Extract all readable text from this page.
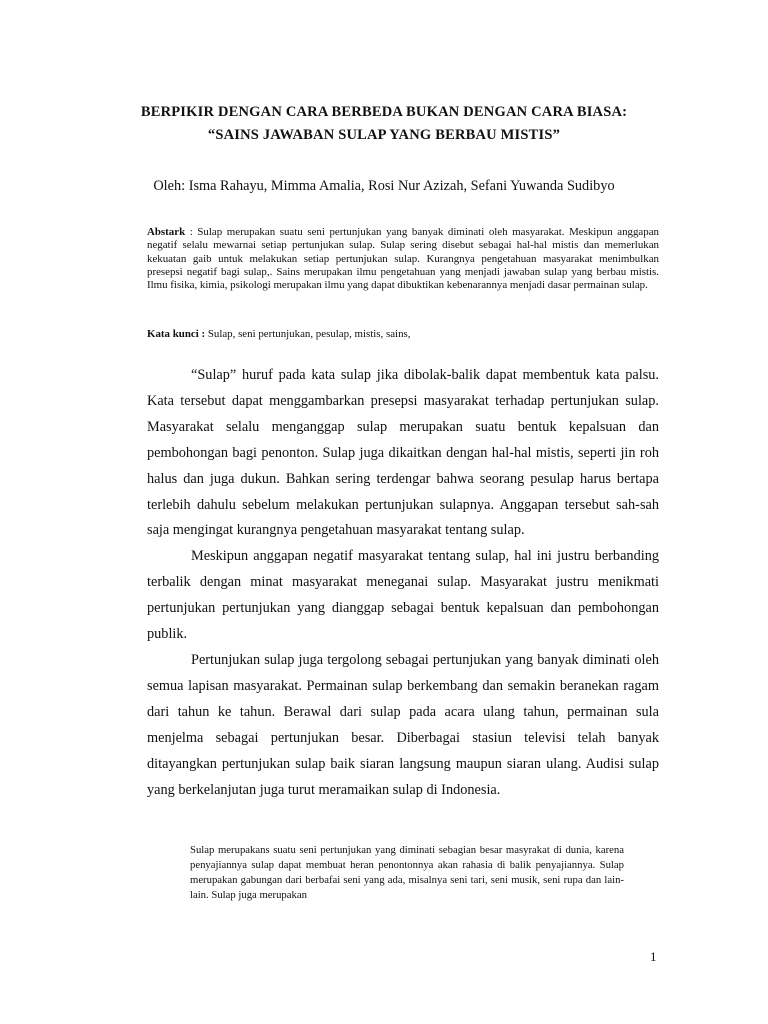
BERPIKIR DENGAN CARA BERBEDA BUKAN DENGAN CARA BIASA:
“SAINS JAWABAN SULAP YANG BERBAU MISTIS”
Oleh: Isma Rahayu, Mimma Amalia, Rosi Nur Azizah, Sefani Yuwanda Sudibyo
Abstark : Sulap merupakan suatu seni pertunjukan yang banyak diminati oleh masyarakat. Meskipun anggapan negatif selalu mewarnai setiap pertunjukan sulap. Sulap sering disebut sebagai hal-hal mistis dan memerlukan kekuatan gaib untuk melakukan setiap pertunjukan sulap. Kurangnya pengetahuan masyarakat menimbulkan presepsi negatif bagi sulap,. Sains merupakan ilmu pengetahuan yang menjadi jawaban sulap yang berbau mistis. Ilmu fisika, kimia, psikologi merupakan ilmu yang dapat dibuktikan kebenarannya menjadi dasar permainan sulap.
Kata kunci : Sulap, seni pertunjukan, pesulap, mistis, sains,

“Sulap” huruf pada kata sulap jika dibolak-balik dapat membentuk kata palsu. Kata tersebut dapat menggambarkan presepsi masyarakat terhadap pertunjukan sulap. Masyarakat selalu menganggap sulap merupakan suatu bentuk kepalsuan dan pembohongan bagi penonton. Sulap juga dikaitkan dengan hal-hal mistis, seperti jin roh halus dan juga dukun. Bahkan sering terdengar bahwa seorang pesulap harus bertapa terlebih dahulu sebelum melakukan pertunjukan sulapnya. Anggapan tersebut sah-sah saja mengingat kurangnya pengetahuan masyarakat tentang sulap.

Meskipun anggapan negatif masyarakat tentang sulap, hal ini justru berbanding terbalik dengan minat masyarakat meneganai sulap. Masyarakat justru menikmati pertunjukan pertunjukan yang dianggap sebagai bentuk kepalsuan dan pembohongan publik.

Pertunjukan sulap juga tergolong sebagai pertunjukan yang banyak diminati oleh semua lapisan masyarakat. Permainan sulap berkembang dan semakin beranekan ragam dari tahun ke tahun. Berawal dari sulap pada acara ulang tahun, permainan sula menjelma sebagai pertunjukan besar. Diberbagai stasiun televisi telah banyak ditayangkan pertunjukan sulap baik siaran langsung maupun siaran ulang. Audisi sulap yang berkelanjutan juga turut meramaikan sulap di Indonesia.

Sulap merupakans suatu seni pertunjukan yang diminati sebagian besar masyrakat di dunia, karena penyajiannya sulap dapat membuat heran penontonnya akan rahasia di balik penyajiannya. Sulap merupakan gabungan dari berbafai seni yang ada, misalnya seni tari, seni musik, seni rupa dan lain-lain. Sulap juga merupakan

1
